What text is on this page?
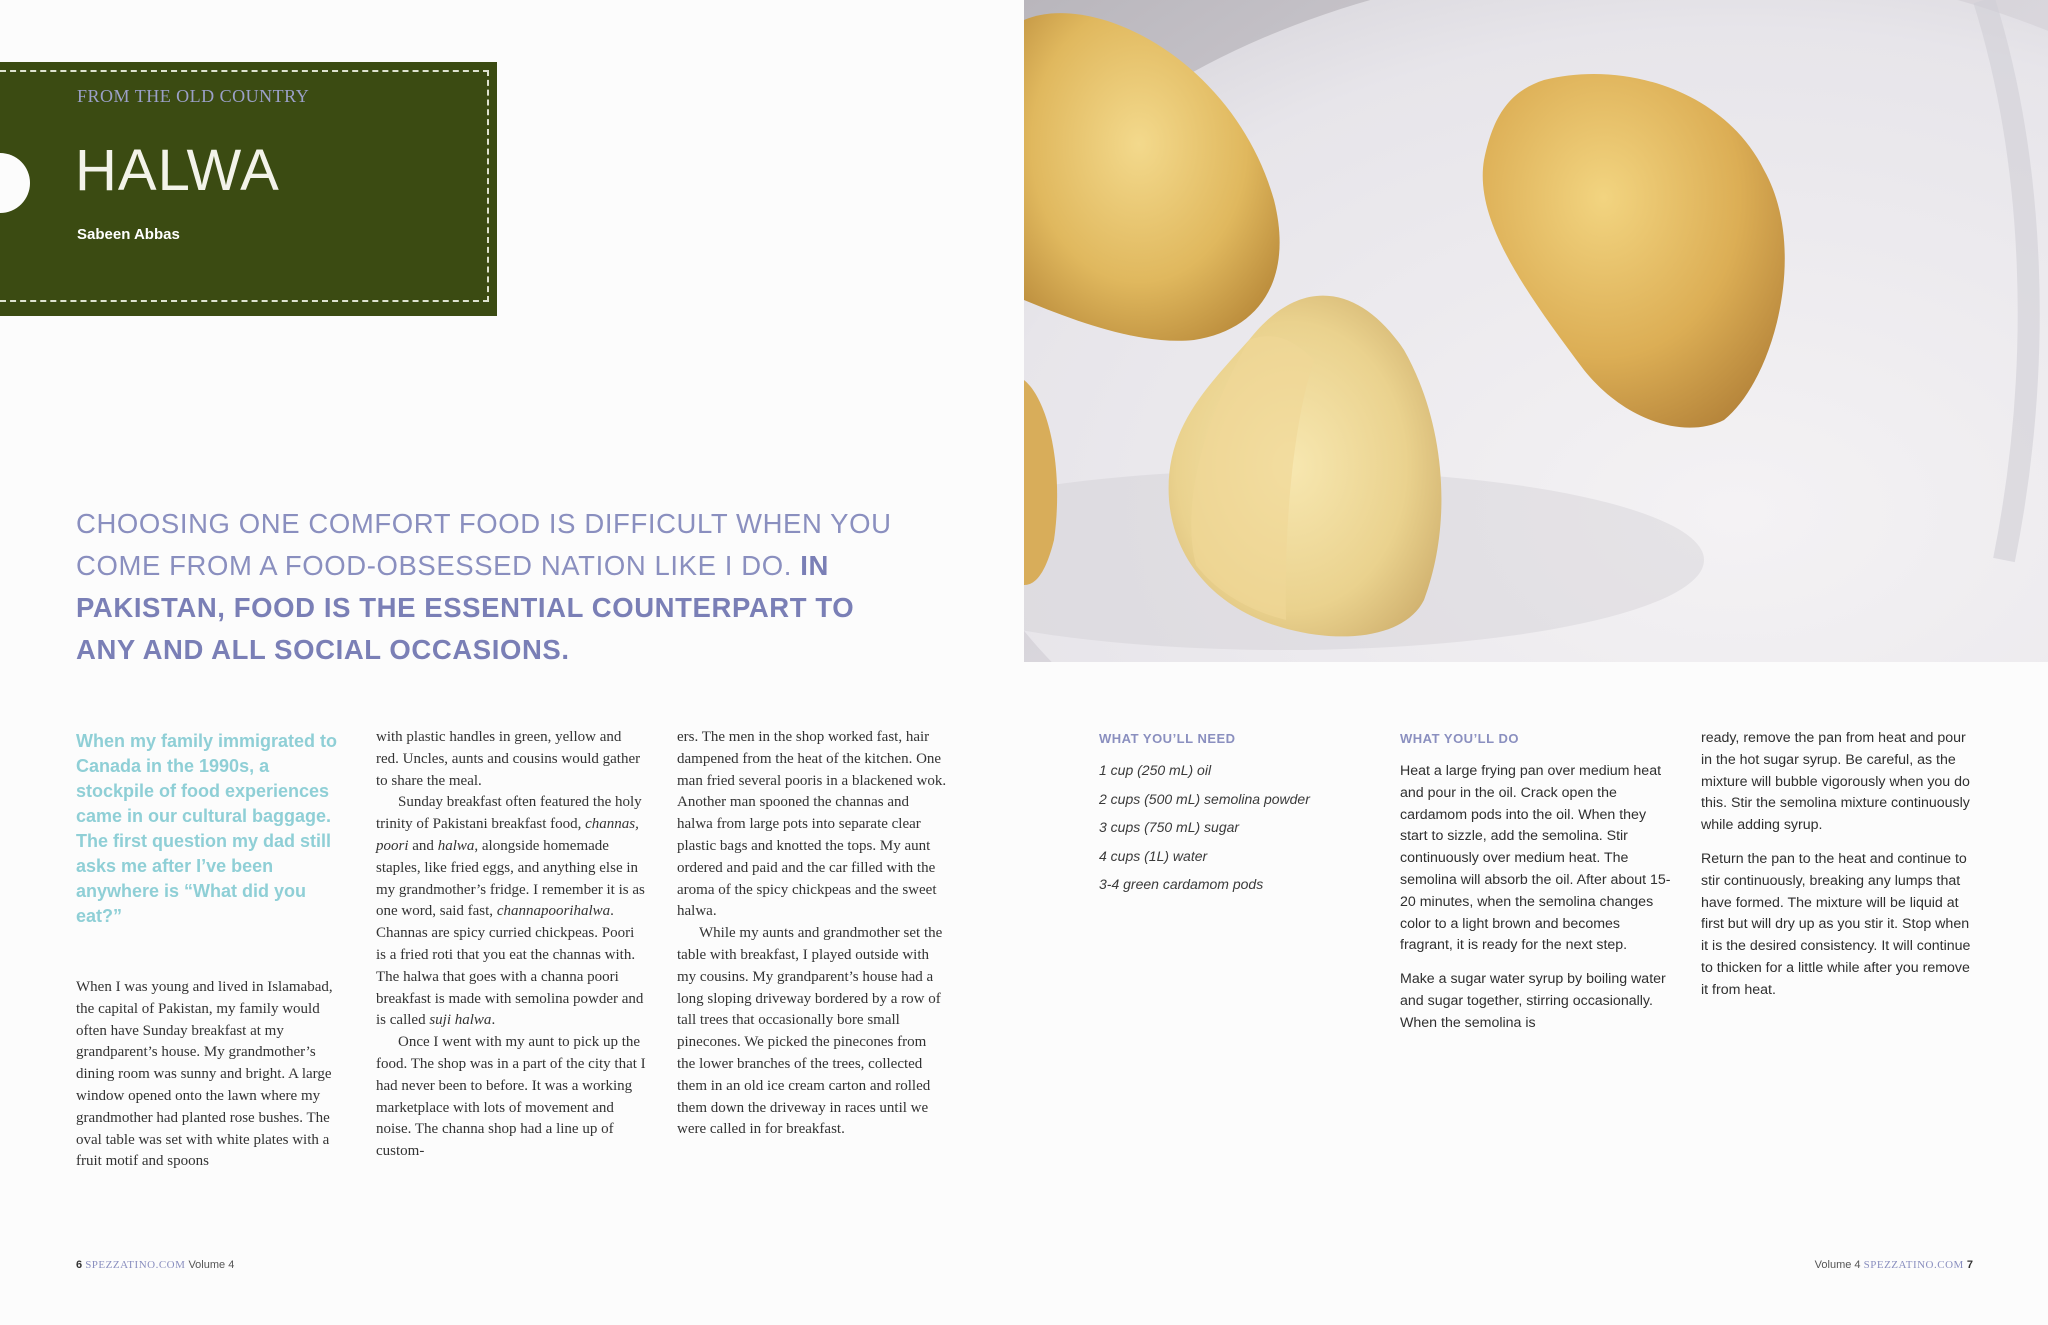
FROM THE OLD COUNTRY
HALWA
Sabeen Abbas
CHOOSING ONE COMFORT FOOD IS DIFFICULT WHEN YOU COME FROM A FOOD-OBSESSED NATION LIKE I DO. IN PAKISTAN, FOOD IS THE ESSENTIAL COUNTERPART TO ANY AND ALL SOCIAL OCCASIONS.
When my family immigrated to Canada in the 1990s, a stockpile of food experiences came in our cultural baggage. The first question my dad still asks me after I’ve been anywhere is “What did you eat?”

When I was young and lived in Islamabad, the capital of Pakistan, my family would often have Sunday breakfast at my grandparent’s house. My grandmother’s dining room was sunny and bright. A large window opened onto the lawn where my grandmother had planted rose bushes. The oval table was set with white plates with a fruit motif and spoons

with plastic handles in green, yellow and red. Uncles, aunts and cousins would gather to share the meal.

Sunday breakfast often featured the holy trinity of Pakistani breakfast food, channas, poori and halwa, alongside homemade staples, like fried eggs, and anything else in my grandmother’s fridge. I remember it is as one word, said fast, channapoorihalwa. Channas are spicy curried chickpeas. Poori is a fried roti that you eat the channas with. The halwa that goes with a channa poori breakfast is made with semolina powder and is called suji halwa.

Once I went with my aunt to pick up the food. The shop was in a part of the city that I had never been to before. It was a working marketplace with lots of movement and noise. The channa shop had a line up of custom-

ers. The men in the shop worked fast, hair dampened from the heat of the kitchen. One man fried several pooris in a blackened wok. Another man spooned the channas and halwa from large pots into separate clear plastic bags and knotted the tops. My aunt ordered and paid and the car filled with the aroma of the spicy chickpeas and the sweet halwa.

While my aunts and grandmother set the table with breakfast, I played outside with my cousins. My grandparent’s house had a long sloping driveway bordered by a row of tall trees that occasionally bore small pinecones. We picked the pinecones from the lower branches of the trees, collected them in an old ice cream carton and rolled them down the driveway in races until we were called in for breakfast.

WHAT YOU’LL NEED
1 cup (250 mL) oil
2 cups (500 mL) semolina powder
3 cups (750 mL) sugar
4 cups (1L) water
3-4 green cardamom pods
WHAT YOU’LL DO

Heat a large frying pan over medium heat and pour in the oil. Crack open the cardamom pods into the oil. When they start to sizzle, add the semolina. Stir continuously over medium heat. The semolina will absorb the oil. After about 15-20 minutes, when the semolina changes color to a light brown and becomes fragrant, it is ready for the next step.

Make a sugar water syrup by boiling water and sugar together, stirring occasionally. When the semolina is

ready, remove the pan from heat and pour in the hot sugar syrup. Be careful, as the mixture will bubble vigorously when you do this. Stir the semolina mixture continuously while adding syrup.

Return the pan to the heat and continue to stir continuously, breaking any lumps that have formed. The mixture will be liquid at first but will dry up as you stir it. Stop when it is the desired consistency. It will continue to thicken for a little while after you remove it from heat.

6 SPEZZATINO.COM Volume 4	Volume 4 SPEZZATINO.COM 7
